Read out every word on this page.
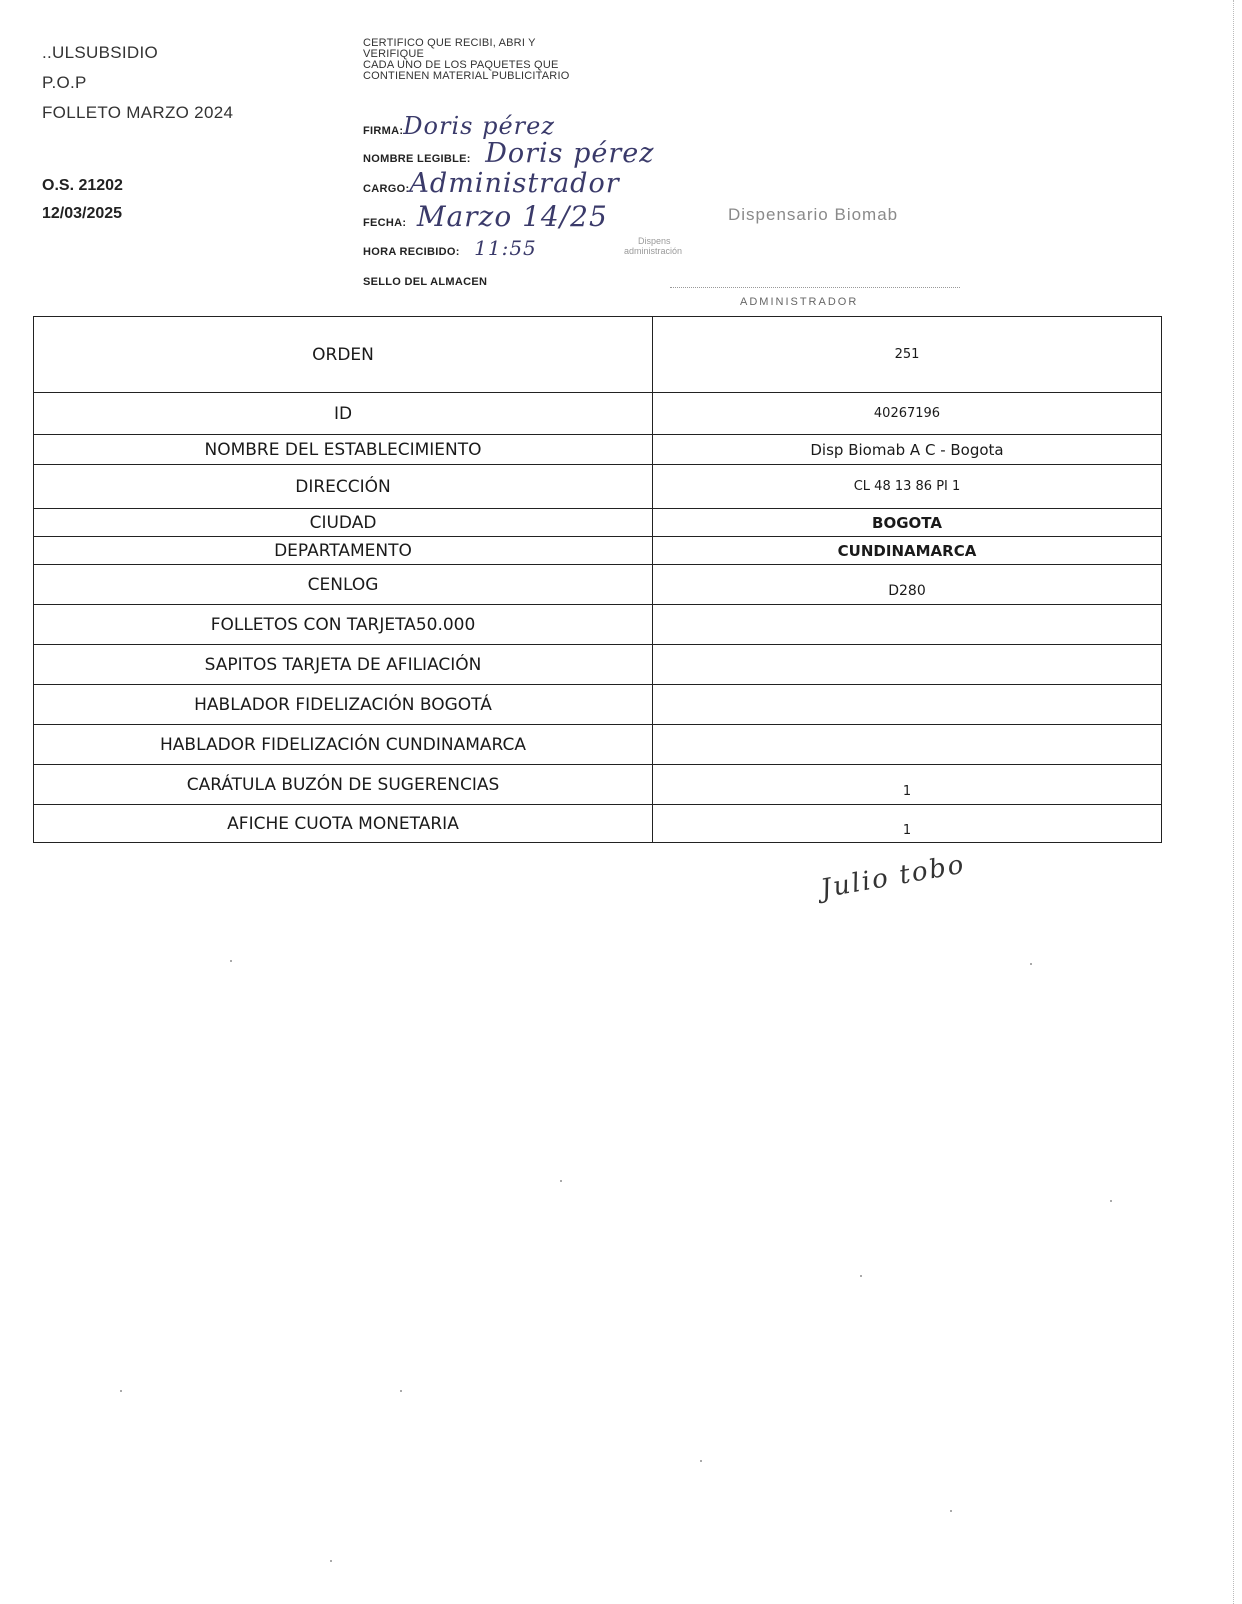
..ULSUBSIDIO
P.O.P
FOLLETO MARZO 2024
O.S. 21202
12/03/2025
CERTIFICO QUE RECIBI, ABRI Y
VERIFIQUE
CADA UNO DE LOS PAQUETES QUE
CONTIENEN MATERIAL PUBLICITARIO
FIRMA:Doris pérez
NOMBRE LEGIBLE: Doris pérez
CARGO:Administrador
FECHA: Marzo 14/25
HORA RECIBIDO: 11:55
SELLO DEL ALMACEN
Dispensario Biomab
Dispens
administración
ADMINISTRADOR
ORDEN	251
ID	40267196
NOMBRE DEL ESTABLECIMIENTO	Disp Biomab A C - Bogota
DIRECCIÓN	CL 48 13 86 PI 1
CIUDAD	BOGOTA
DEPARTAMENTO	CUNDINAMARCA
CENLOG	D280
FOLLETOS CON TARJETA50.000	
SAPITOS TARJETA DE AFILIACIÓN	
HABLADOR FIDELIZACIÓN BOGOTÁ	
HABLADOR FIDELIZACIÓN CUNDINAMARCA	
CARÁTULA BUZÓN DE SUGERENCIAS	1
AFICHE CUOTA MONETARIA	1
Julio tobo
